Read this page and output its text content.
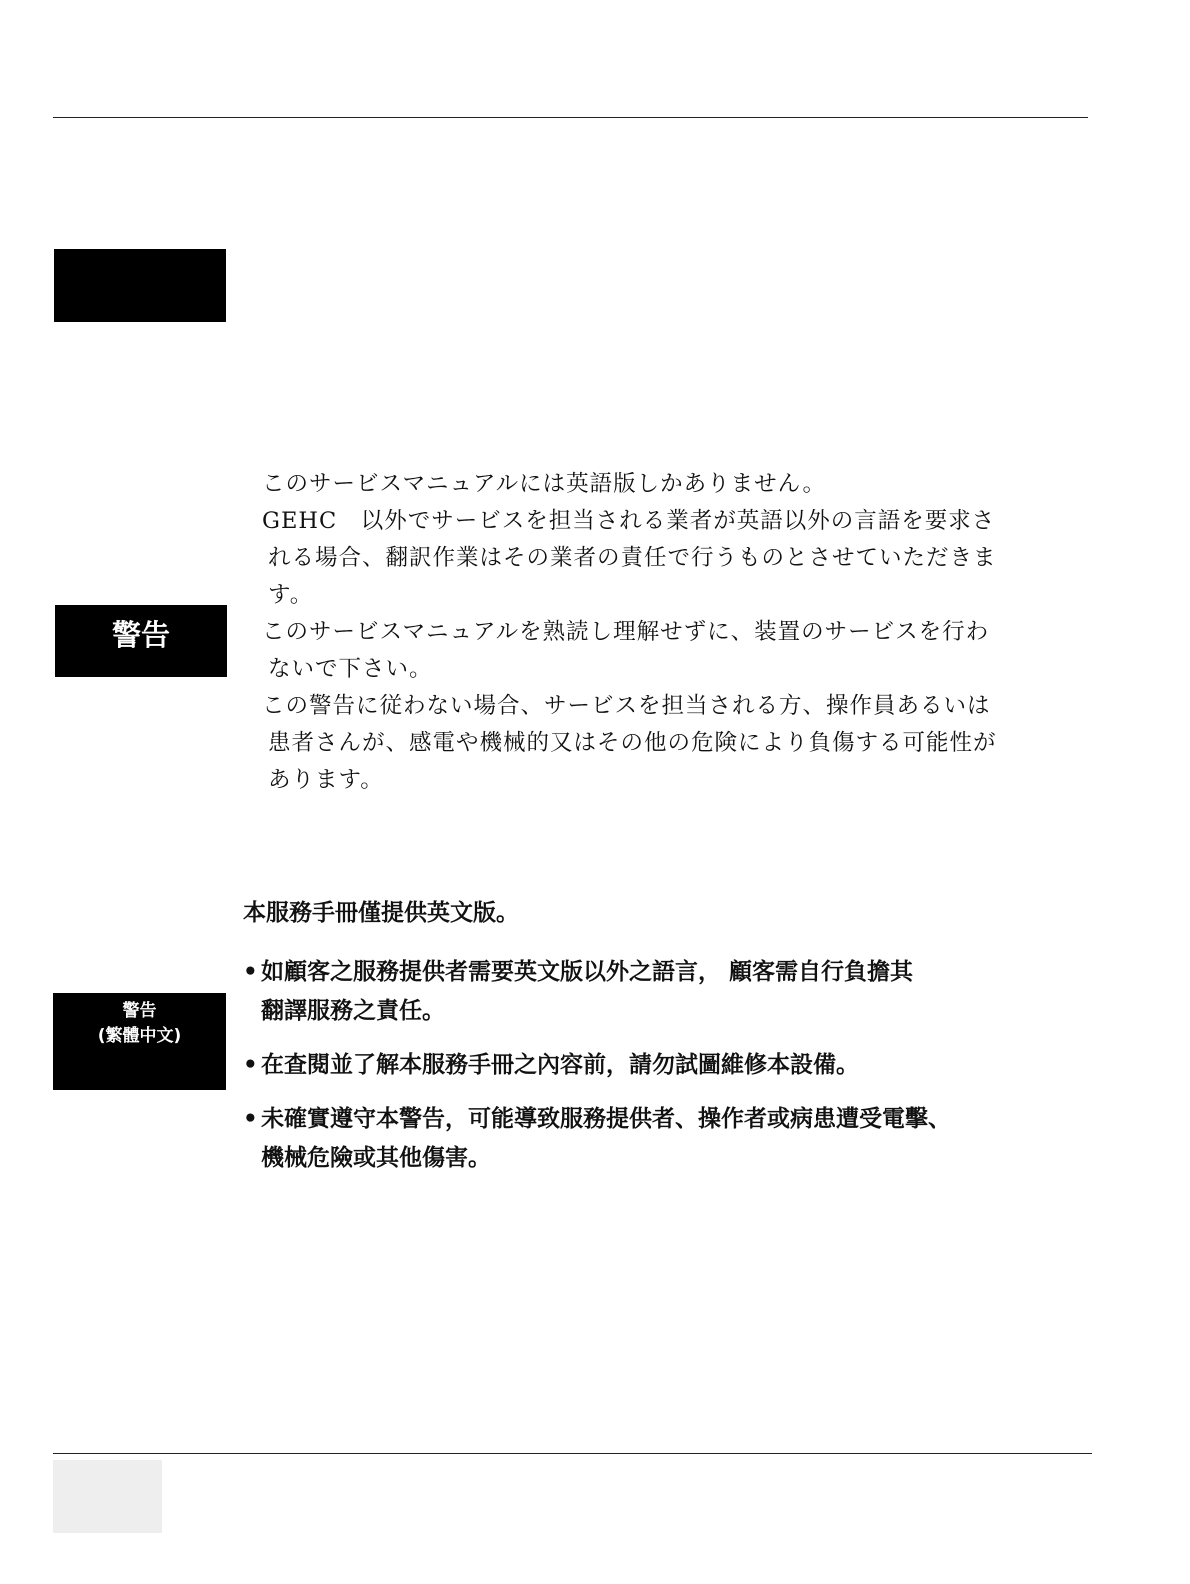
警告

このサービスマニュアルには英語版しかありません。

GEHC　以外でサービスを担当される業者が英語以外の言語を要求さ

れる場合、翻訳作業はその業者の責任で行うものとさせていただきま

す。

このサービスマニュアルを熟読し理解せずに、装置のサービスを行わ

ないで下さい。

この警告に従わない場合、サービスを担当される方、操作員あるいは

患者さんが、感電や機械的又はその他の危険により負傷する可能性が

あります。

警告
(繁體中文)

本服務手冊僅提供英文版。

• 如顧客之服務提供者需要英文版以外之語言， 顧客需自行負擔其
翻譯服務之責任。
• 在查閱並了解本服務手冊之內容前，請勿試圖維修本設備。
• 未確實遵守本警告，可能導致服務提供者、操作者或病患遭受電擊、
機械危險或其他傷害。
